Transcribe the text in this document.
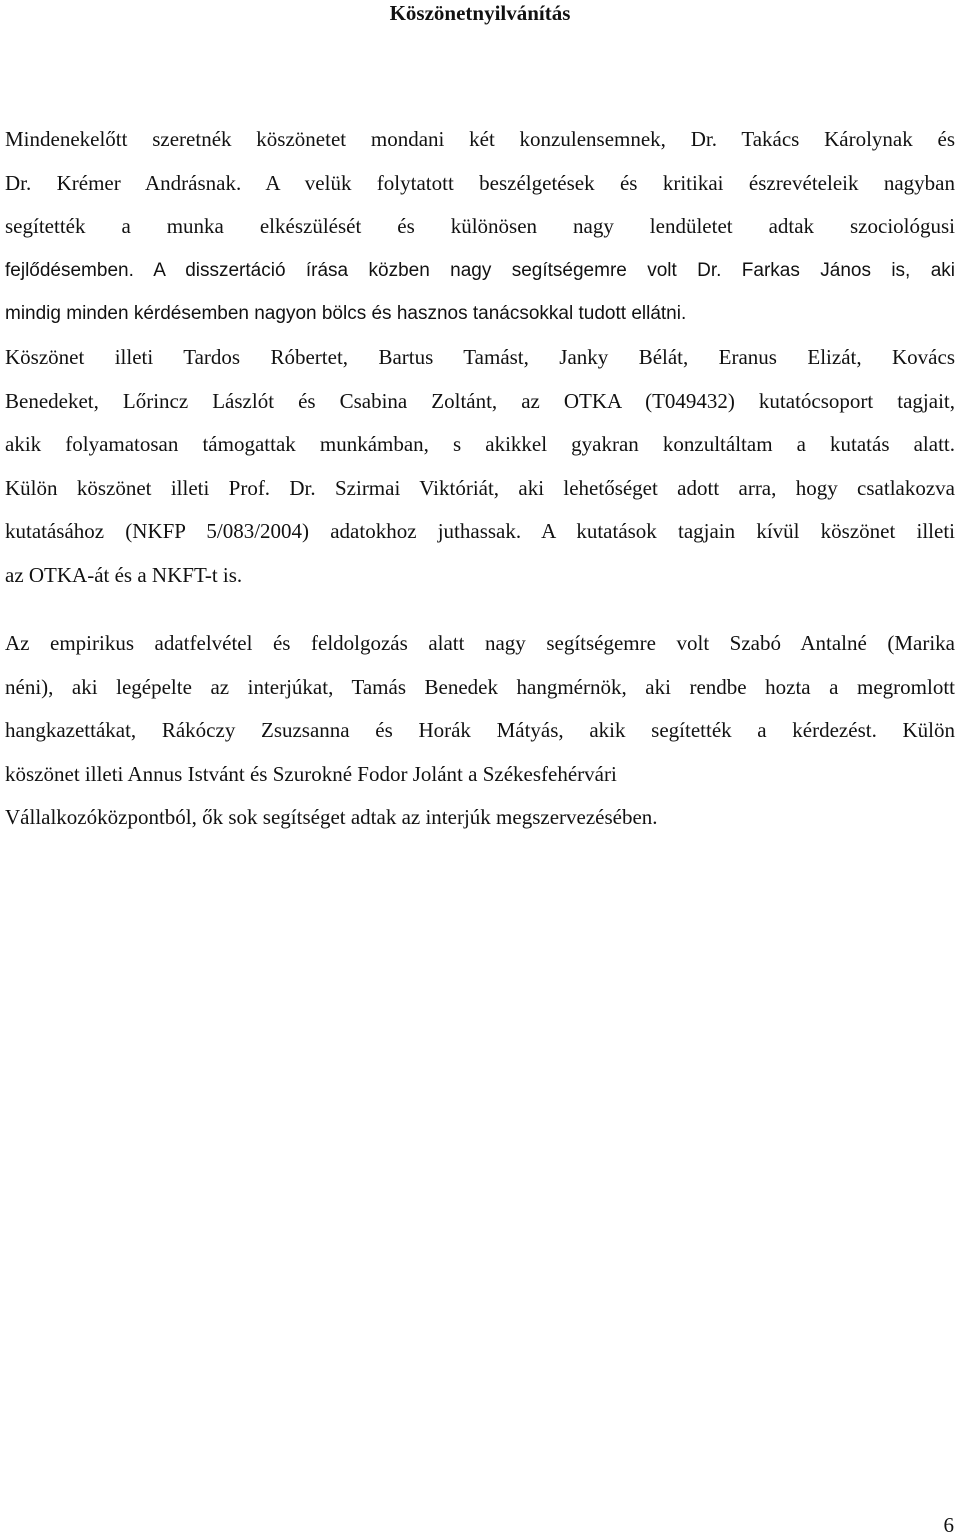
Köszönetnyilvánítás
Mindenekelőtt szeretnék köszönetet mondani két konzulensemnek, Dr. Takács Károlynak és
Dr. Krémer Andrásnak. A velük folytatott beszélgetések és kritikai észrevételeik nagyban
segítették a munka elkészülését és különösen nagy lendületet adtak szociológusi
fejlődésemben. A disszertáció írása közben nagy segítségemre volt Dr. Farkas János is, aki
mindig minden kérdésemben nagyon bölcs és hasznos tanácsokkal tudott ellátni.
Köszönet illeti Tardos Róbertet, Bartus Tamást, Janky Bélát, Eranus Elizát, Kovács
Benedeket, Lőrincz Lászlót és Csabina Zoltánt, az OTKA (T049432) kutatócsoport tagjait,
akik folyamatosan támogattak munkámban, s akikkel gyakran konzultáltam a kutatás alatt.
Külön köszönet illeti Prof. Dr. Szirmai Viktóriát, aki lehetőséget adott arra, hogy csatlakozva
kutatásához (NKFP 5/083/2004) adatokhoz juthassak. A kutatások tagjain kívül köszönet illeti
az OTKA-át és a NKFT-t is.
Az empirikus adatfelvétel és feldolgozás alatt nagy segítségemre volt Szabó Antalné (Marika
néni), aki legépelte az interjúkat, Tamás Benedek hangmérnök, aki rendbe hozta a megromlott
hangkazettákat, Rákóczy Zsuzsanna és Horák Mátyás, akik segítették a kérdezést. Külön
köszönet illeti Annus Istvánt és Szurokné Fodor Jolánt a Székesfehérvári
Vállalkozóközpontból, ők sok segítséget adtak az interjúk megszervezésében.
6
